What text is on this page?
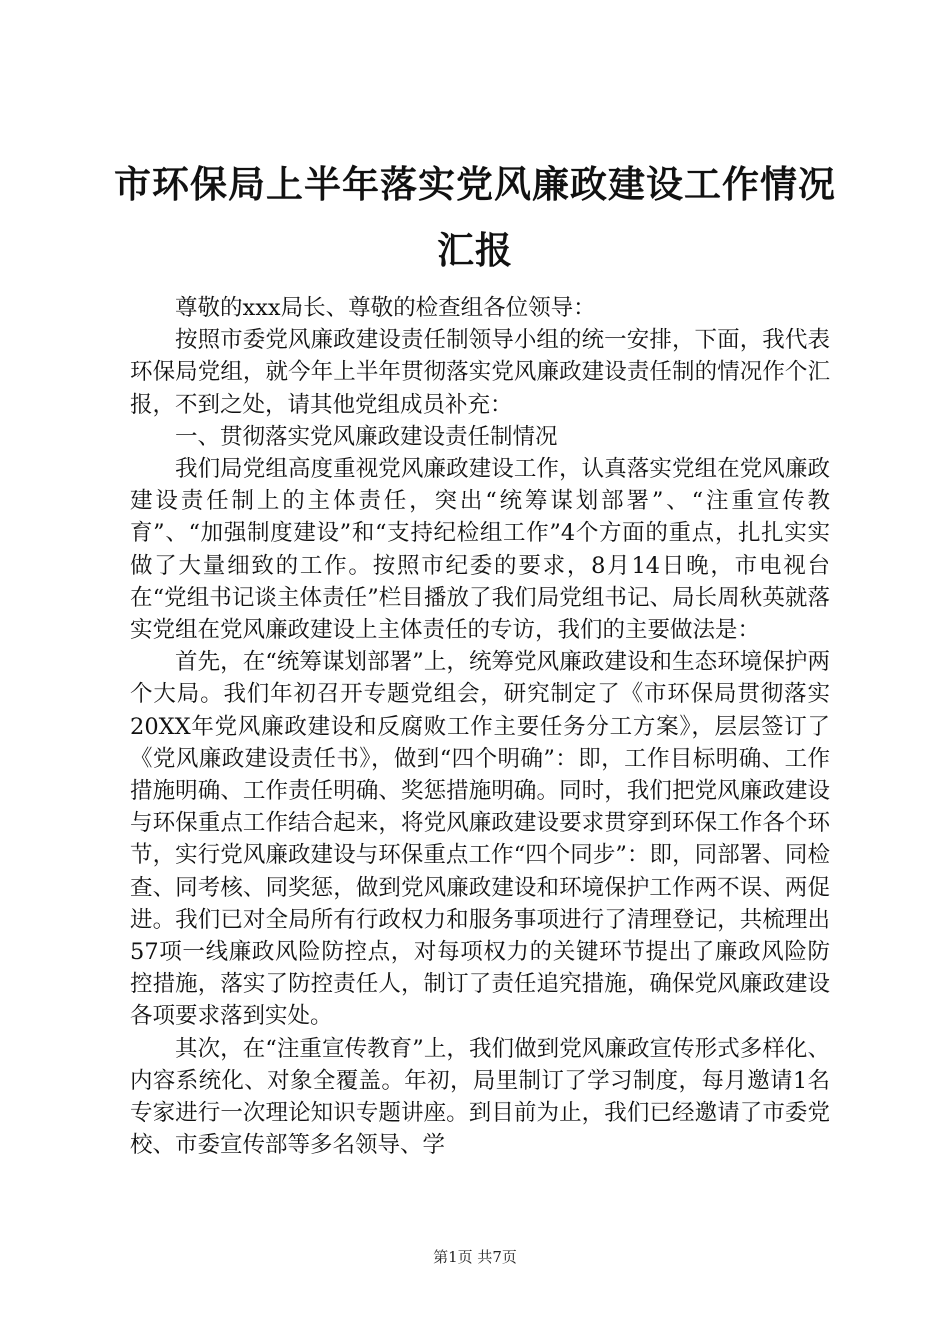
市环保局上半年落实党风廉政建设工作情况汇报

尊敬的xxx局长、尊敬的检查组各位领导：

按照市委党风廉政建设责任制领导小组的统一安排，下面，我代表环保局党组，就今年上半年贯彻落实党风廉政建设责任制的情况作个汇报，不到之处，请其他党组成员补充：

一、贯彻落实党风廉政建设责任制情况

我们局党组高度重视党风廉政建设工作，认真落实党组在党风廉政建设责任制上的主体责任，突出“统筹谋划部署”、“注重宣传教育”、“加强制度建设”和“支持纪检组工作”4个方面的重点，扎扎实实做了大量细致的工作。按照市纪委的要求，8月14日晚，市电视台在“党组书记谈主体责任”栏目播放了我们局党组书记、局长周秋英就落实党组在党风廉政建设上主体责任的专访，我们的主要做法是：

首先，在“统筹谋划部署”上，统筹党风廉政建设和生态环境保护两个大局。我们年初召开专题党组会，研究制定了《市环保局贯彻落实20XX年党风廉政建设和反腐败工作主要任务分工方案》，层层签订了《党风廉政建设责任书》，做到“四个明确”：即，工作目标明确、工作措施明确、工作责任明确、奖惩措施明确。同时，我们把党风廉政建设与环保重点工作结合起来，将党风廉政建设要求贯穿到环保工作各个环节，实行党风廉政建设与环保重点工作“四个同步”：即，同部署、同检查、同考核、同奖惩，做到党风廉政建设和环境保护工作两不误、两促进。我们已对全局所有行政权力和服务事项进行了清理登记，共梳理出57项一线廉政风险防控点，对每项权力的关键环节提出了廉政风险防控措施，落实了防控责任人，制订了责任追究措施，确保党风廉政建设各项要求落到实处。

其次，在“注重宣传教育”上，我们做到党风廉政宣传形式多样化、内容系统化、对象全覆盖。年初，局里制订了学习制度，每月邀请1名专家进行一次理论知识专题讲座。到目前为止，我们已经邀请了市委党校、市委宣传部等多名领导、学

第1页 共7页
